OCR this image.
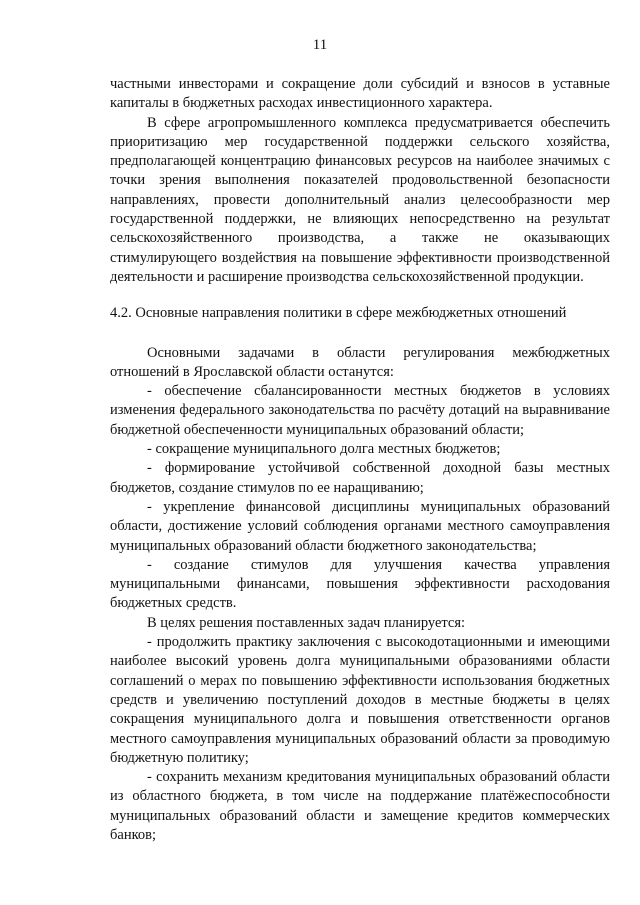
11

частными инвесторами и сокращение доли субсидий и взносов в уставные капиталы в бюджетных расходах инвестиционного характера.

В сфере агропромышленного комплекса предусматривается обеспечить приоритизацию мер государственной поддержки сельского хозяйства, предполагающей концентрацию финансовых ресурсов на наиболее значимых с точки зрения выполнения показателей продовольственной безопасности направлениях, провести дополнительный анализ целесообразности мер государственной поддержки, не влияющих непосредственно на результат сельскохозяйственного производства, а также не оказывающих стимулирующего воздействия на повышение эффективности производственной деятельности и расширение производства сельскохозяйственной продукции.

4.2. Основные направления политики в сфере межбюджетных отношений

Основными задачами в области регулирования межбюджетных отношений в Ярославской области останутся:

- обеспечение сбалансированности местных бюджетов в условиях изменения федерального законодательства по расчёту дотаций на выравнивание бюджетной обеспеченности муниципальных образований области;

- сокращение муниципального долга местных бюджетов;

- формирование устойчивой собственной доходной базы местных бюджетов, создание стимулов по ее наращиванию;

- укрепление финансовой дисциплины муниципальных образований области, достижение условий соблюдения органами местного самоуправления муниципальных образований области бюджетного законодательства;

- создание стимулов для улучшения качества управления муниципальными финансами, повышения эффективности расходования бюджетных средств.

В целях решения поставленных задач планируется:

- продолжить практику заключения с высокодотационными и имеющими наиболее высокий уровень долга муниципальными образованиями области соглашений о мерах по повышению эффективности использования бюджетных средств и увеличению поступлений доходов в местные бюджеты в целях сокращения муниципального долга и повышения ответственности органов местного самоуправления муниципальных образований области за проводимую бюджетную политику;

- сохранить механизм кредитования муниципальных образований области из областного бюджета, в том числе на поддержание платёжеспособности муниципальных образований области и замещение кредитов коммерческих банков;
